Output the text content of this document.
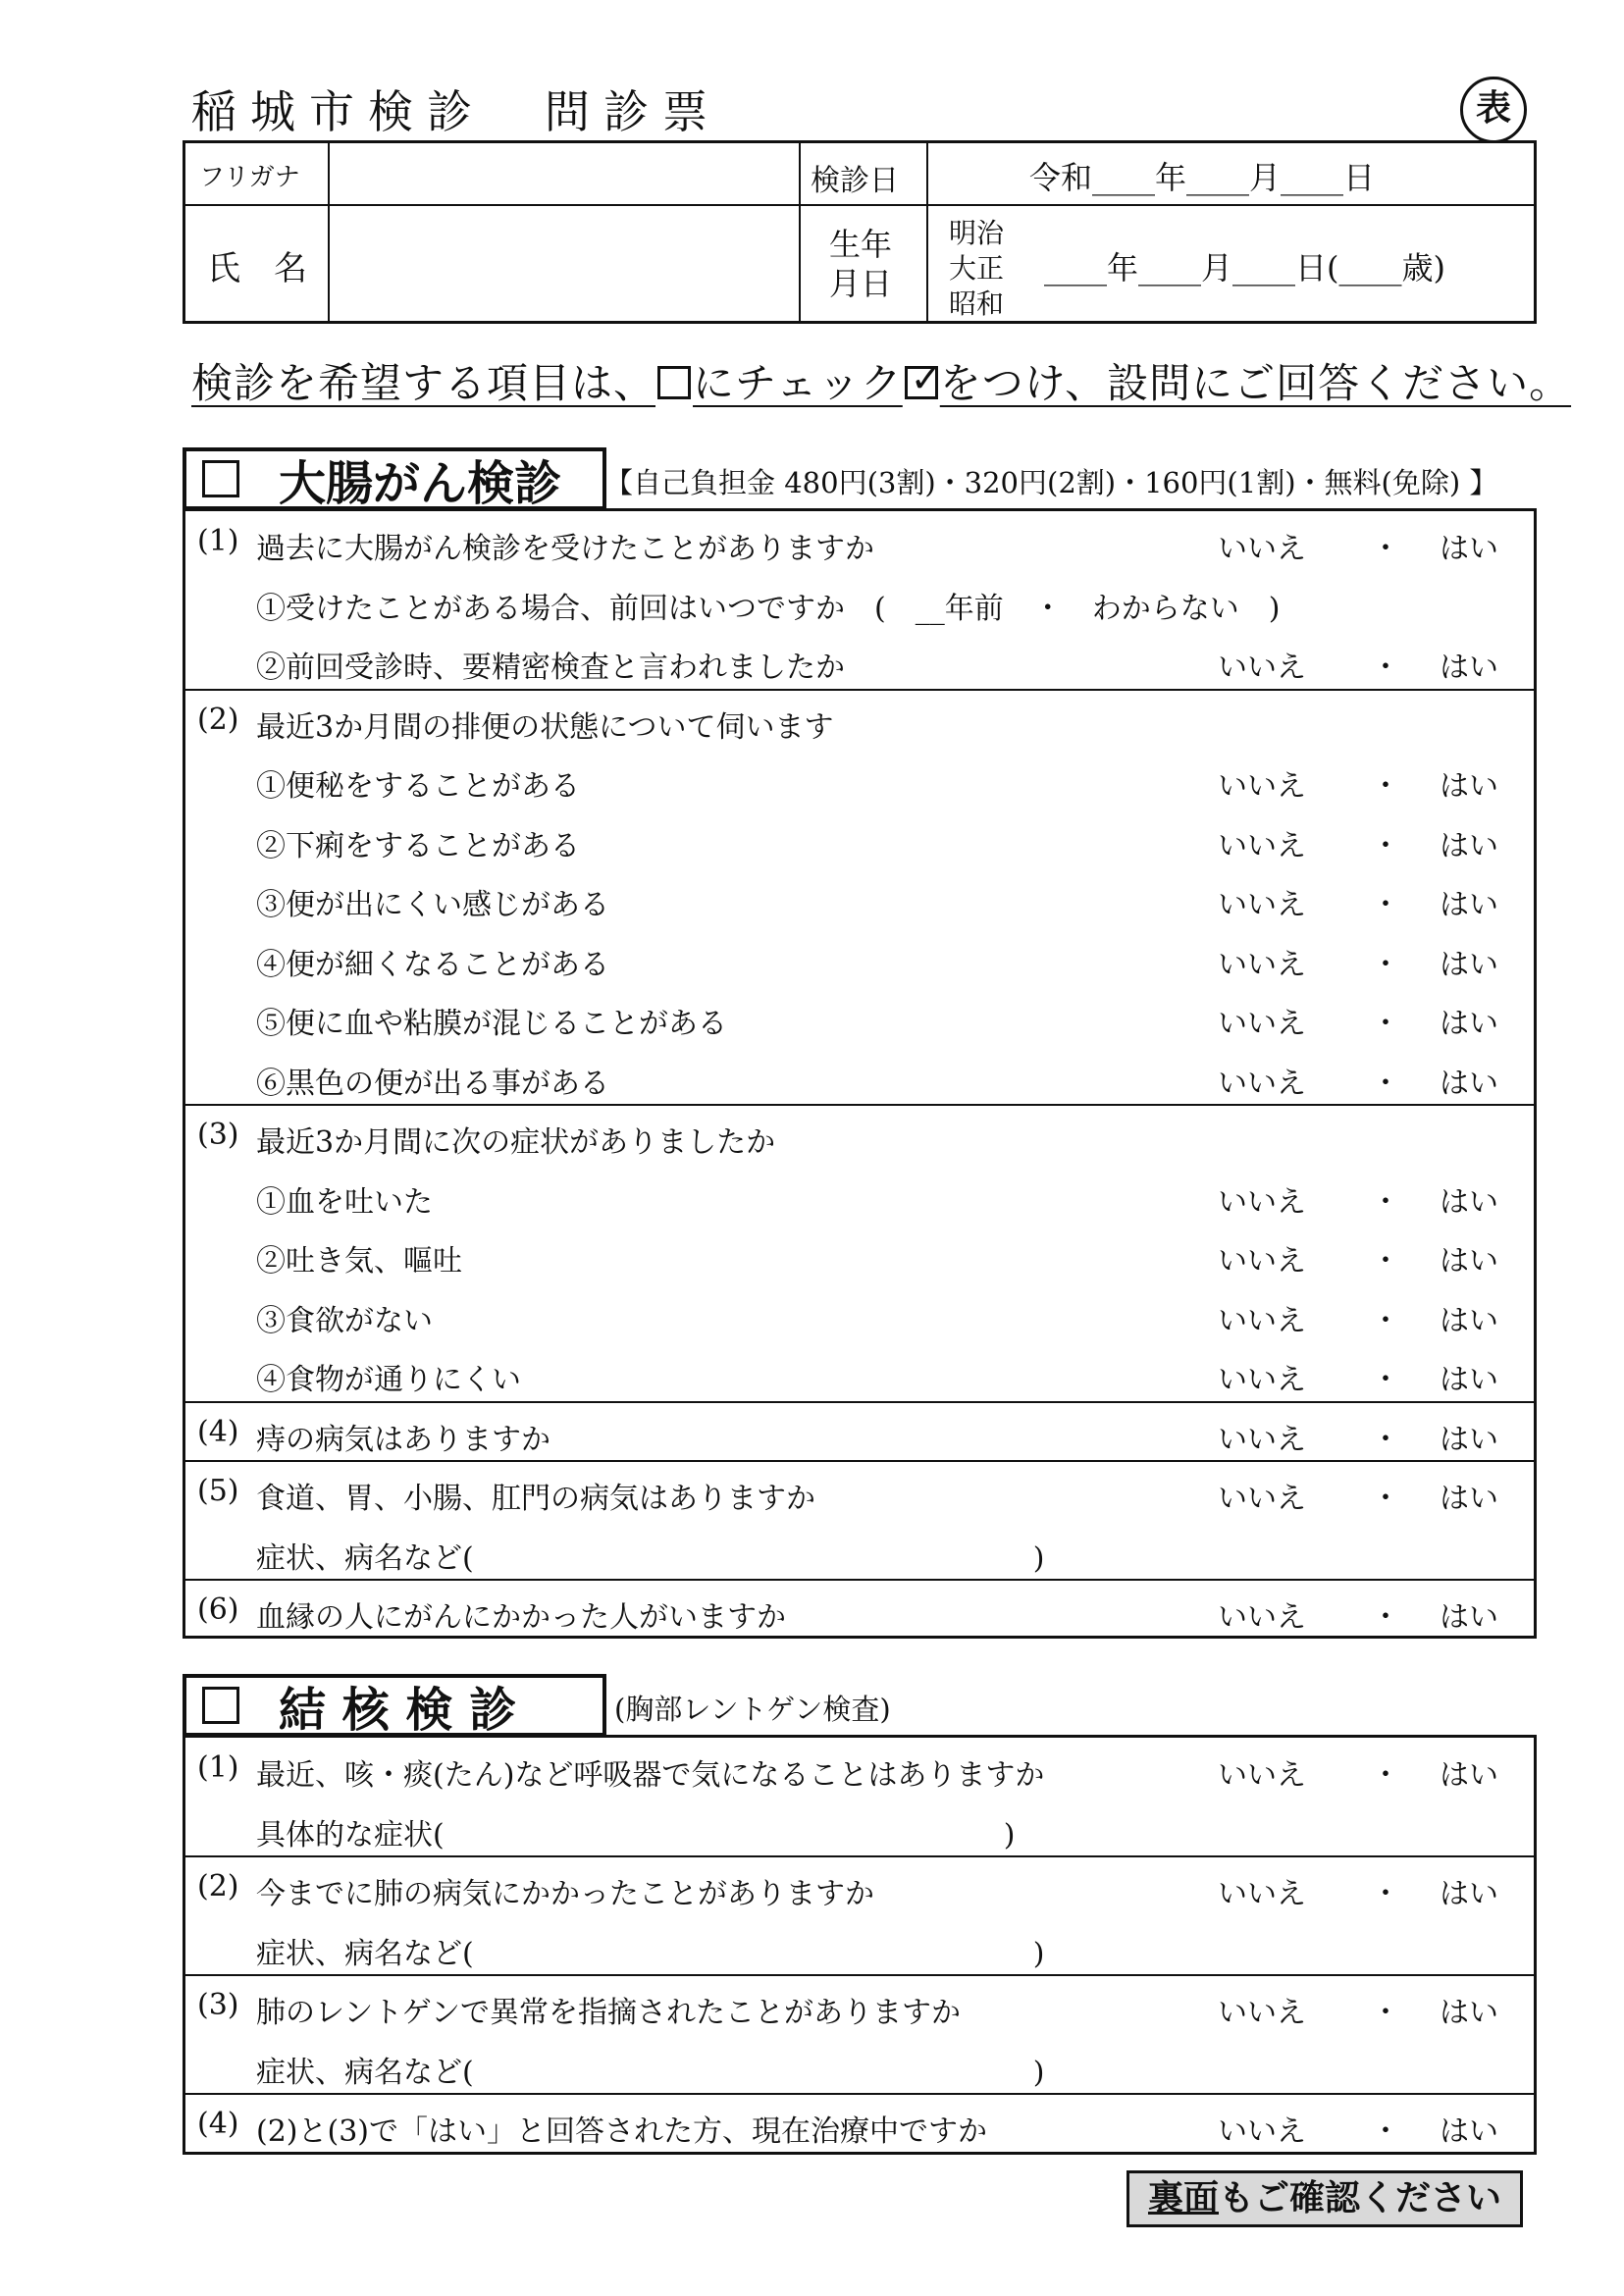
稲城市検診　問診票	表
フリガナ	検診日	令和____年____月____日
氏　名
生年
月日
明治
大正
昭和
____年____月____日(____歳)
検診を希望する項目は、 にチェック✓ をつけ、設問にご回答ください。
大腸がん検診 【自己負担金 480円(3割)・320円(2割)・160円(1割)・無料(免除) 】
(1) 過去に大腸がん検診を受けたことがありますか	いいえ ・ はい
①受けたことがある場合、前回はいつですか　(　__年前　・　わからない　)
②前回受診時、要精密検査と言われましたか	いいえ ・ はい
(2) 最近3か月間の排便の状態について伺います
①便秘をすることがある	いいえ ・ はい
②下痢をすることがある	いいえ ・ はい
③便が出にくい感じがある	いいえ ・ はい
④便が細くなることがある	いいえ ・ はい
⑤便に血や粘膜が混じることがある	いいえ ・ はい
⑥黒色の便が出る事がある	いいえ ・ はい
(3) 最近3か月間に次の症状がありましたか
①血を吐いた	いいえ ・ はい
②吐き気、嘔吐	いいえ ・ はい
③食欲がない	いいえ ・ はい
④食物が通りにくい	いいえ ・ はい
(4) 痔の病気はありますか	いいえ ・ はい
(5) 食道、胃、小腸、肛門の病気はありますか	いいえ ・ はい
症状、病名など(　　　　　　　　　　　　　　　　　　　)
(6) 血縁の人にがんにかかった人がいますか	いいえ ・ はい
結 核 検 診	(胸部レントゲン検査)
(1) 最近、咳・痰(たん)など呼吸器で気になることはありますか	いいえ ・ はい
具体的な症状(　　　　　　　　　　　　　　　　　　　)
(2) 今までに肺の病気にかかったことがありますか	いいえ ・ はい
症状、病名など(　　　　　　　　　　　　　　　　　　　)
(3) 肺のレントゲンで異常を指摘されたことがありますか	いいえ ・ はい
症状、病名など(　　　　　　　　　　　　　　　　　　　)
(4) (2)と(3)で「はい」と回答された方、現在治療中ですか	いいえ ・ はい
裏面もご確認ください
